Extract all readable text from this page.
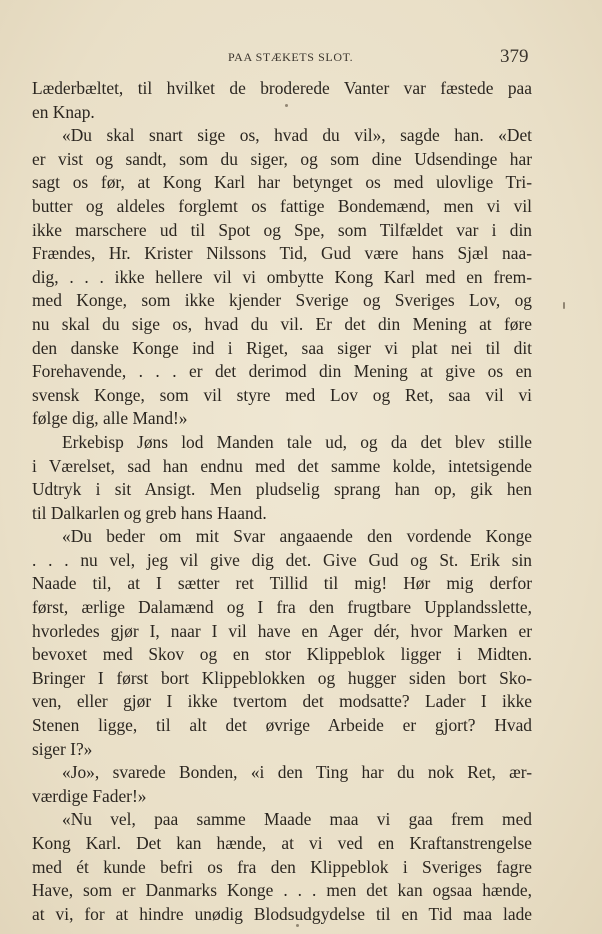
PAA STÆKETS SLOT.	379
Læderbæltet, til hvilket de broderede Vanter var fæstede paa
en Knap.
«Du skal snart sige os, hvad du vil», sagde han. «Det
er vist og sandt, som du siger, og som dine Udsendinge har
sagt os før, at Kong Karl har betynget os med ulovlige Tri-
butter og aldeles forglemt os fattige Bondemænd, men vi vil
ikke marschere ud til Spot og Spe, som Tilfældet var i din
Frændes, Hr. Krister Nilssons Tid, Gud være hans Sjæl naa-
dig, . . . ikke hellere vil vi ombytte Kong Karl med en frem-
med Konge, som ikke kjender Sverige og Sveriges Lov, og
nu skal du sige os, hvad du vil. Er det din Mening at føre
den danske Konge ind i Riget, saa siger vi plat nei til dit
Forehavende, . . . er det derimod din Mening at give os en
svensk Konge, som vil styre med Lov og Ret, saa vil vi
følge dig, alle Mand!»
Erkebisp Jøns lod Manden tale ud, og da det blev stille
i Værelset, sad han endnu med det samme kolde, intetsigende
Udtryk i sit Ansigt. Men pludselig sprang han op, gik hen
til Dalkarlen og greb hans Haand.
«Du beder om mit Svar angaaende den vordende Konge
. . . nu vel, jeg vil give dig det. Give Gud og St. Erik sin
Naade til, at I sætter ret Tillid til mig! Hør mig derfor
først, ærlige Dalamænd og I fra den frugtbare Upplandsslette,
hvorledes gjør I, naar I vil have en Ager dér, hvor Marken er
bevoxet med Skov og en stor Klippeblok ligger i Midten.
Bringer I først bort Klippeblokken og hugger siden bort Sko-
ven, eller gjør I ikke tvertom det modsatte? Lader I ikke
Stenen ligge, til alt det øvrige Arbeide er gjort? Hvad
siger I?»
«Jo», svarede Bonden, «i den Ting har du nok Ret, ær-
værdige Fader!»
«Nu vel, paa samme Maade maa vi gaa frem med
Kong Karl. Det kan hænde, at vi ved en Kraftanstrengelse
med ét kunde befri os fra den Klippeblok i Sveriges fagre
Have, som er Danmarks Konge . . . men det kan ogsaa hænde,
at vi, for at hindre unødig Blodsudgydelse til en Tid maa lade
